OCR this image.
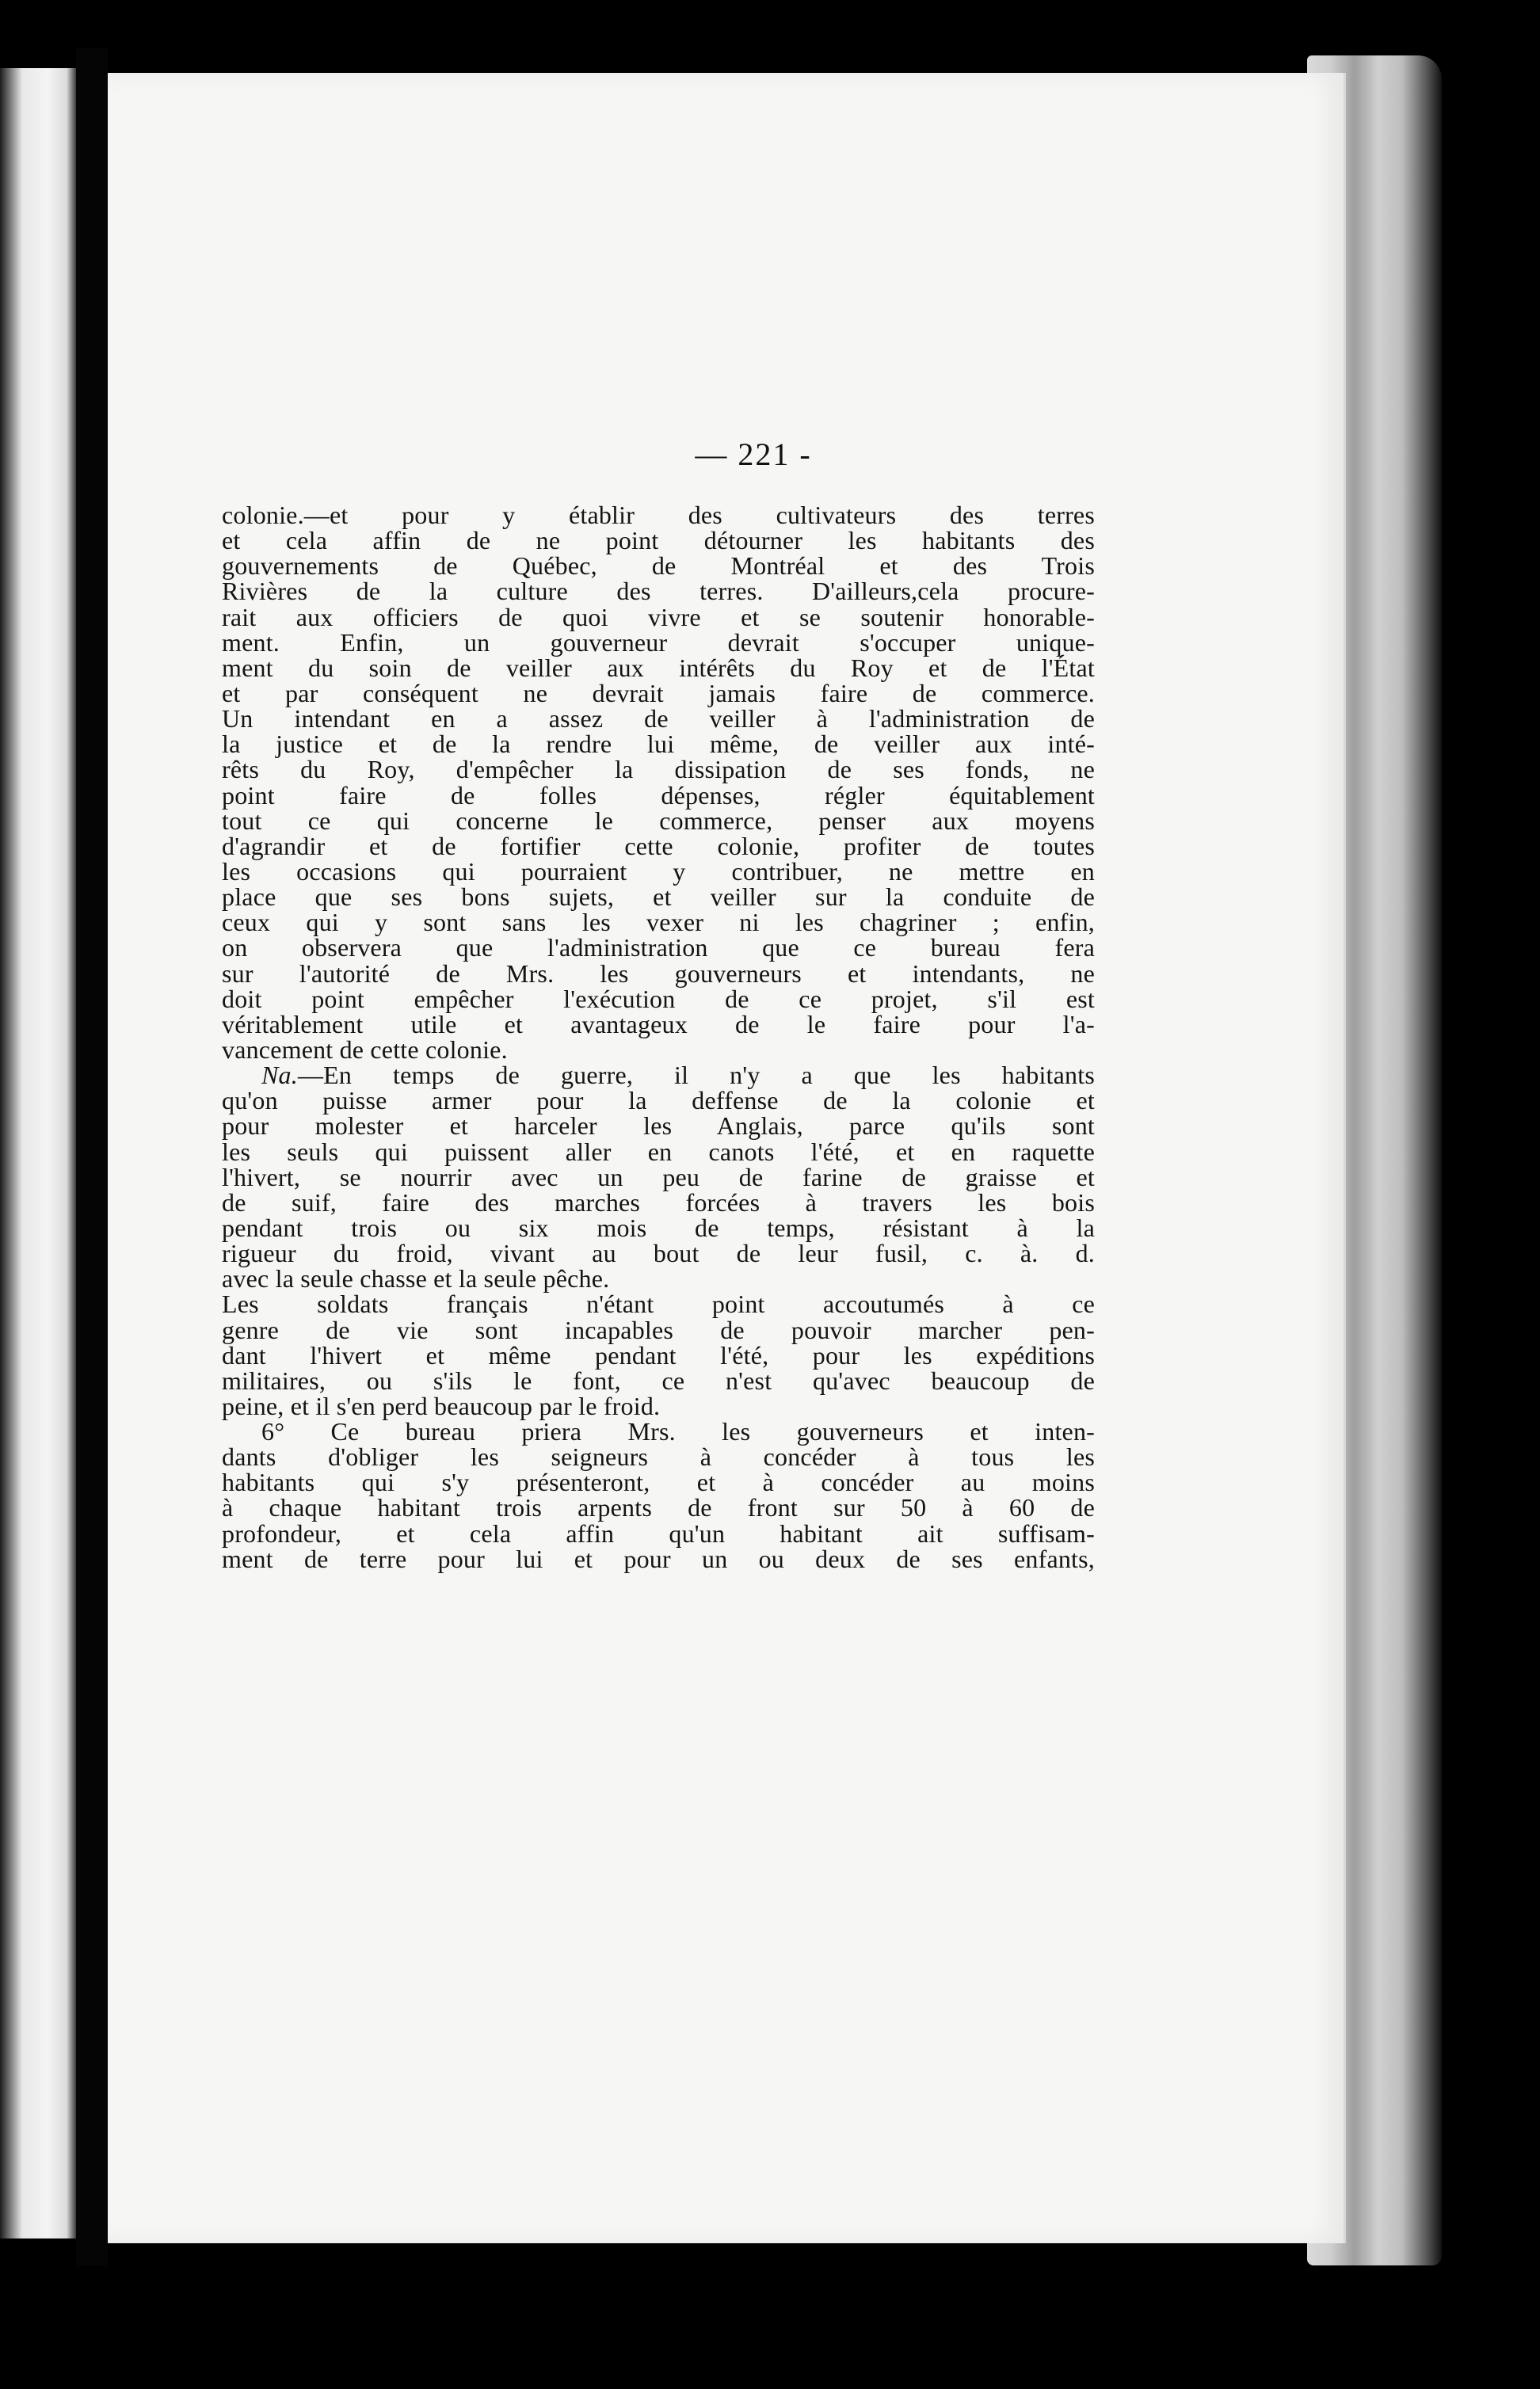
— 221 -
colonie.—et pour y établir des cultivateurs des terres
et cela affin de ne point détourner les habitants des
gouvernements de Québec, de Montréal et des Trois
Rivières de la culture des terres. D'ailleurs,cela procure-
rait aux officiers de quoi vivre et se soutenir honorable-
ment. Enfin, un gouverneur devrait s'occuper unique-
ment du soin de veiller aux intérêts du Roy et de l'État
et par conséquent ne devrait jamais faire de commerce.
Un intendant en a assez de veiller à l'administration de
la justice et de la rendre lui même, de veiller aux inté-
rêts du Roy, d'empêcher la dissipation de ses fonds, ne
point faire de folles dépenses, régler équitablement
tout ce qui concerne le commerce, penser aux moyens
d'agrandir et de fortifier cette colonie, profiter de toutes
les occasions qui pourraient y contribuer, ne mettre en
place que ses bons sujets, et veiller sur la conduite de
ceux qui y sont sans les vexer ni les chagriner ; enfin,
on observera que l'administration que ce bureau fera
sur l'autorité de Mrs. les gouverneurs et intendants, ne
doit point empêcher l'exécution de ce projet, s'il est
véritablement utile et avantageux de le faire pour l'a-
vancement de cette colonie.
Na.—En temps de guerre, il n'y a que les habitants
qu'on puisse armer pour la deffense de la colonie et
pour molester et harceler les Anglais, parce qu'ils sont
les seuls qui puissent aller en canots l'été, et en raquette
l'hivert, se nourrir avec un peu de farine de graisse et
de suif, faire des marches forcées à travers les bois
pendant trois ou six mois de temps, résistant à la
rigueur du froid, vivant au bout de leur fusil, c. à. d.
avec la seule chasse et la seule pêche.
Les soldats français n'étant point accoutumés à ce
genre de vie sont incapables de pouvoir marcher pen-
dant l'hivert et même pendant l'été, pour les expéditions
militaires, ou s'ils le font, ce n'est qu'avec beaucoup de
peine, et il s'en perd beaucoup par le froid.
6° Ce bureau priera Mrs. les gouverneurs et inten-
dants d'obliger les seigneurs à concéder à tous les
habitants qui s'y présenteront, et à concéder au moins
à chaque habitant trois arpents de front sur 50 à 60 de
profondeur, et cela affin qu'un habitant ait suffisam-
ment de terre pour lui et pour un ou deux de ses enfants,
